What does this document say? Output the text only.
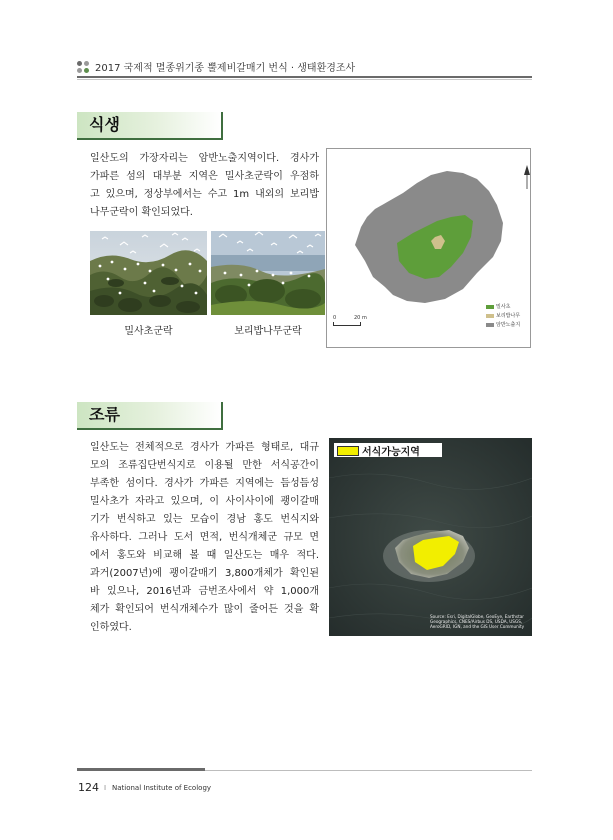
2017 국제적 멸종위기종 뿔제비갈매기 번식 · 생태환경조사
식생

일산도의 가장자리는 암반노출지역이다. 경사가

가파른 섬의 대부분 지역은 밀사초군락이 우점하

고 있으며, 정상부에서는 수고 1m 내외의 보리밥

나무군락이 확인되었다.

밀사초군락	보리밥나무군락
0	20 m
밀사초
보리밥나무
암반노출지
조류

일산도는 전체적으로 경사가 가파른 형태로, 대규

모의 조류집단번식지로 이용될 만한 서식공간이

부족한 섬이다. 경사가 가파른 지역에는 듬성듬성

밀사초가 자라고 있으며, 이 사이사이에 괭이갈매

기가 번식하고 있는 모습이 경남 홍도 번식지와

유사하다. 그러나 도서 면적, 번식개체군 규모 면

에서 홍도와 비교해 볼 때 일산도는 매우 적다.

과거(2007년)에 괭이갈매기 3,800개체가 확인된

바 있으나, 2016년과 금번조사에서 약 1,000개

체가 확인되어 번식개체수가 많이 줄어든 것을 확

인하였다.

서식가능지역
Source: Esri, DigitalGlobe, GeoEye, Earthstar Geographics, CNES/Airbus DS, USDA, USGS, AeroGRID, IGN, and the GIS User Community
124 I National Institute of Ecology
